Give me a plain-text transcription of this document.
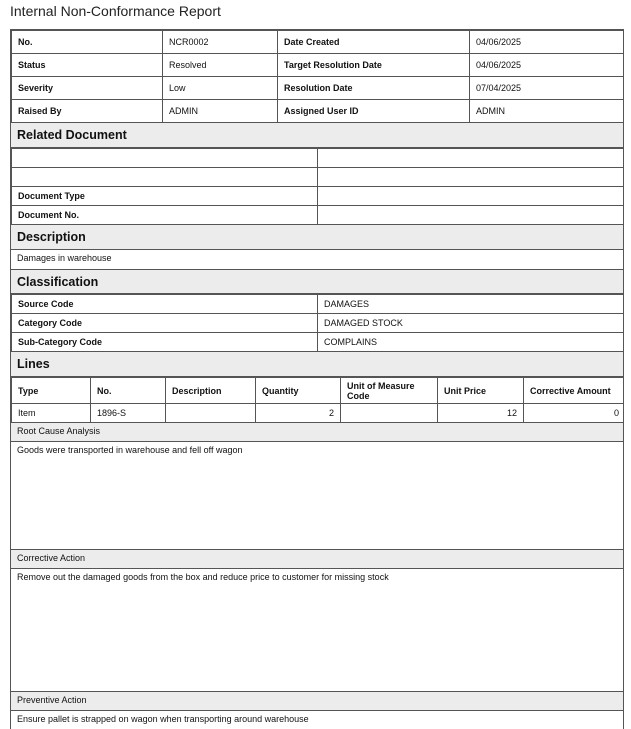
Internal Non-Conformance Report
No.	NCR0002	Date Created	04/06/2025
Status	Resolved	Target Resolution Date	04/06/2025
Severity	Low	Resolution Date	07/04/2025
Raised By	ADMIN	Assigned User ID	ADMIN
Related Document

Document Type	
Document No.	
Description
Damages in warehouse
Classification
Source Code	DAMAGES
Category Code	DAMAGED STOCK
Sub-Category Code	COMPLAINS
Lines
Type	No.	Description	Quantity	Unit of Measure Code	Unit Price	Corrective Amount
Item	1896-S		2		12	0
Root Cause Analysis
Goods were transported in warehouse and fell off wagon
Corrective Action
Remove out the damaged goods from the box and reduce price to customer for missing stock
Preventive Action
Ensure pallet is strapped on wagon when transporting around warehouse
